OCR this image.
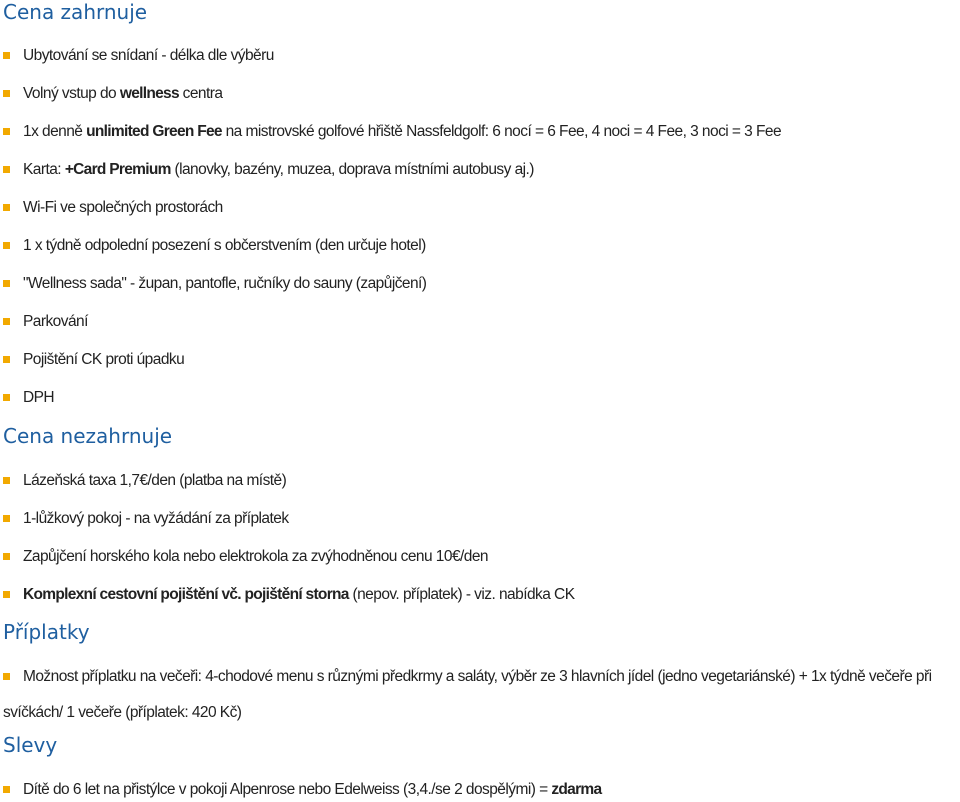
Cena zahrnuje
Ubytování se snídaní - délka dle výběru
Volný vstup do wellness centra
1x denně unlimited Green Fee na mistrovské golfové hřiště Nassfeldgolf: 6 nocí = 6 Fee, 4 noci = 4 Fee, 3 noci = 3 Fee
Karta: +Card Premium (lanovky, bazény, muzea, doprava místními autobusy aj.)
Wi-Fi ve společných prostorách
1 x týdně odpolední posezení s občerstvením (den určuje hotel)
"Wellness sada" - župan, pantofle, ručníky do sauny (zapůjčení)
Parkování
Pojištění CK proti úpadku
DPH
Cena nezahrnuje
Lázeňská taxa 1,7€/den (platba na místě)
1-lůžkový pokoj - na vyžádání za příplatek
Zapůjčení horského kola nebo elektrokola za zvýhodněnou cenu 10€/den
Komplexní cestovní pojištění vč. pojištění storna (nepov. příplatek) - viz. nabídka CK
Příplatky
Možnost příplatku na večeři: 4-chodové menu s různými předkrmy a saláty, výběr ze 3 hlavních jídel (jedno vegetariánské) + 1x týdně večeře při svíčkách/ 1 večeře (příplatek: 420 Kč)
Slevy
Dítě do 6 let na přistýlce v pokoji Alpenrose nebo Edelweiss (3,4./se 2 dospělými) = zdarma
